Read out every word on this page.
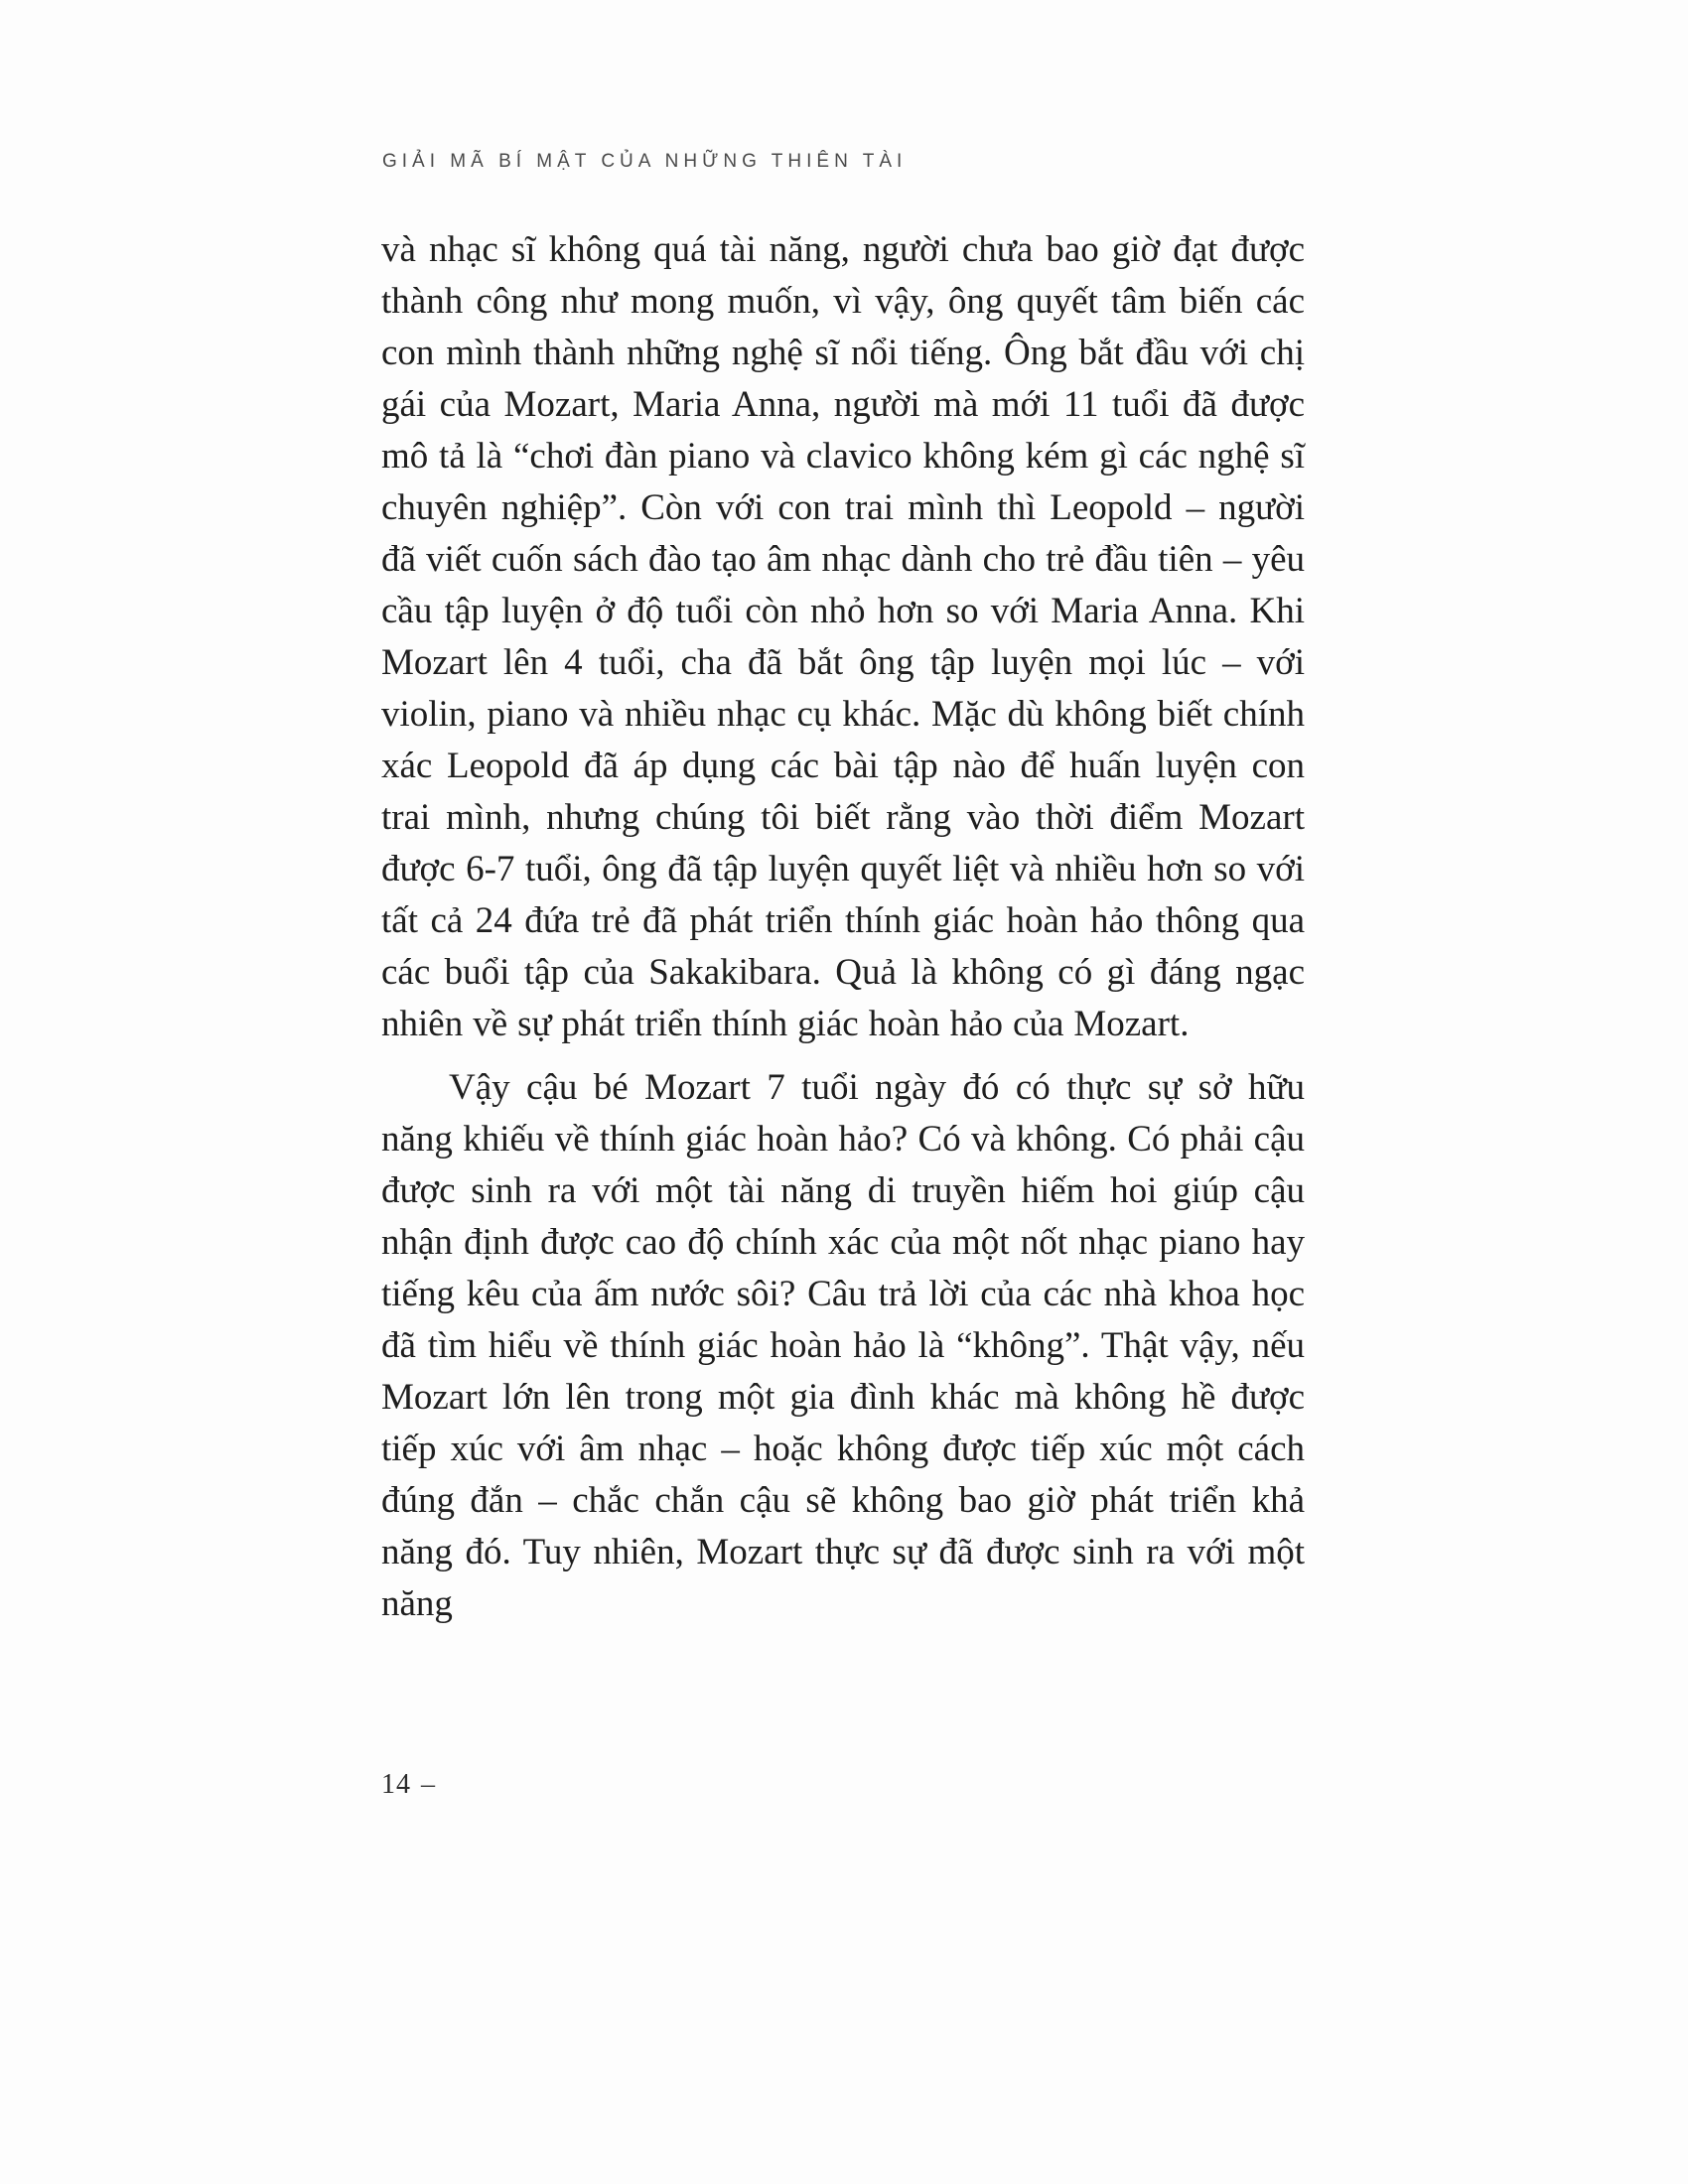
GIẢI MÃ BÍ MẬT CỦA NHỮNG THIÊN TÀI

và nhạc sĩ không quá tài năng, người chưa bao giờ đạt được thành công như mong muốn, vì vậy, ông quyết tâm biến các con mình thành những nghệ sĩ nổi tiếng. Ông bắt đầu với chị gái của Mozart, Maria Anna, người mà mới 11 tuổi đã được mô tả là “chơi đàn piano và clavico không kém gì các nghệ sĩ chuyên nghiệp”. Còn với con trai mình thì Leopold – người đã viết cuốn sách đào tạo âm nhạc dành cho trẻ đầu tiên – yêu cầu tập luyện ở độ tuổi còn nhỏ hơn so với Maria Anna. Khi Mozart lên 4 tuổi, cha đã bắt ông tập luyện mọi lúc – với violin, piano và nhiều nhạc cụ khác. Mặc dù không biết chính xác Leopold đã áp dụng các bài tập nào để huấn luyện con trai mình, nhưng chúng tôi biết rằng vào thời điểm Mozart được 6-7 tuổi, ông đã tập luyện quyết liệt và nhiều hơn so với tất cả 24 đứa trẻ đã phát triển thính giác hoàn hảo thông qua các buổi tập của Sakakibara. Quả là không có gì đáng ngạc nhiên về sự phát triển thính giác hoàn hảo của Mozart.

Vậy cậu bé Mozart 7 tuổi ngày đó có thực sự sở hữu năng khiếu về thính giác hoàn hảo? Có và không. Có phải cậu được sinh ra với một tài năng di truyền hiếm hoi giúp cậu nhận định được cao độ chính xác của một nốt nhạc piano hay tiếng kêu của ấm nước sôi? Câu trả lời của các nhà khoa học đã tìm hiểu về thính giác hoàn hảo là “không”. Thật vậy, nếu Mozart lớn lên trong một gia đình khác mà không hề được tiếp xúc với âm nhạc – hoặc không được tiếp xúc một cách đúng đắn – chắc chắn cậu sẽ không bao giờ phát triển khả năng đó. Tuy nhiên, Mozart thực sự đã được sinh ra với một năng

14 –
